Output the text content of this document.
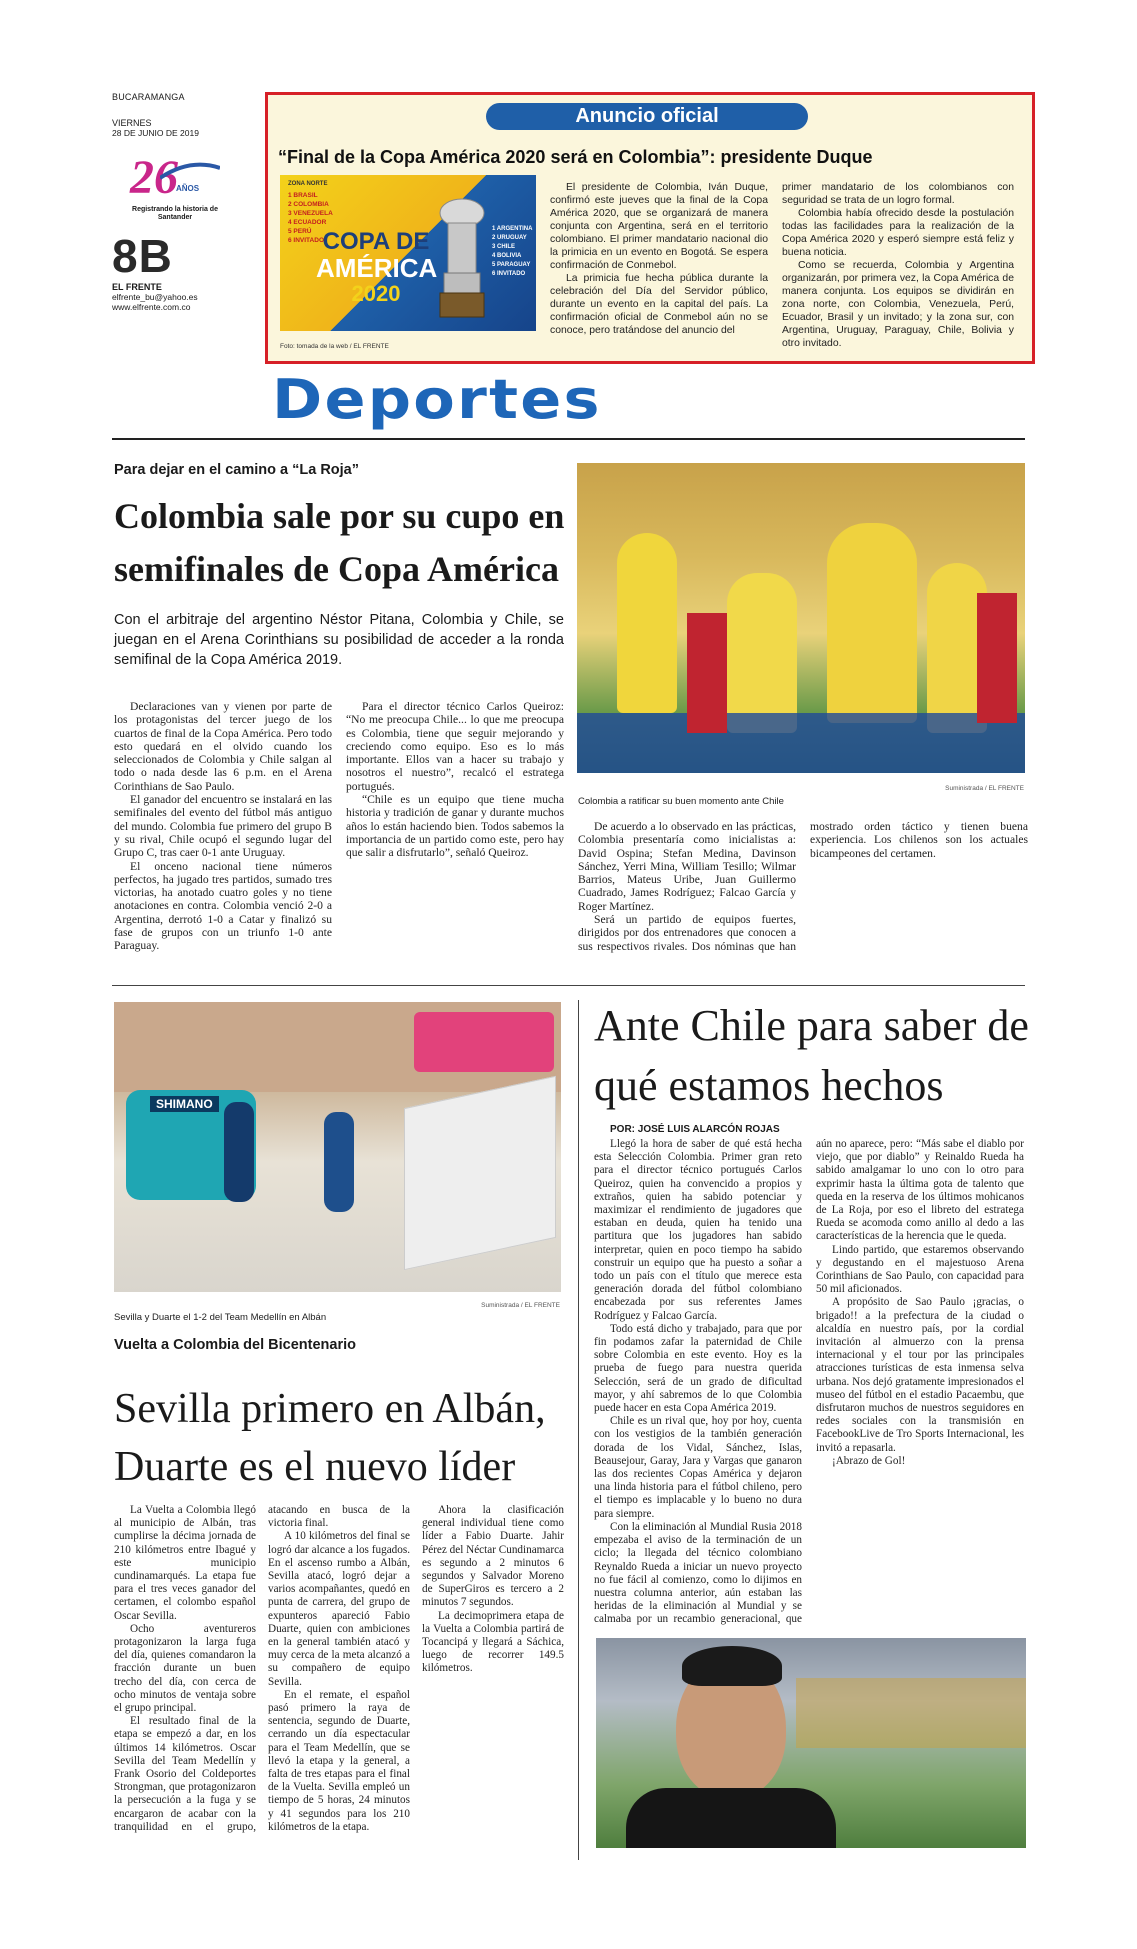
BUCARAMANGA
VIERNES
28 DE JUNIO DE 2019
26
AÑOS
Registrando la historia de Santander
8B
EL FRENTE
elfrente_bu@yahoo.es
www.elfrente.com.co
Anuncio oficial
“Final de la Copa América 2020 será en Colombia”: presidente Duque
ZONA NORTE
1 BRASIL
2 COLOMBIA
3 VENEZUELA
4 ECUADOR
5 PERÚ
6 INVITADO
COPA DE
AMÉRICA
2020
1 ARGENTINA
2 URUGUAY
3 CHILE
4 BOLIVIA
5 PARAGUAY
6 INVITADO
Foto: tomada de la web / EL FRENTE

El presidente de Colombia, Iván Duque, confirmó este jueves que la final de la Copa América 2020, que se organizará de manera conjunta con Argentina, será en el territorio colombiano. El primer mandatario nacional dio la primicia en un evento en Bogotá. Se espera confirmación de Conmebol.

La primicia fue hecha pública durante la celebración del Día del Servidor público, durante un evento en la capital del país. La confirmación oficial de Conmebol aún no se conoce, pero tratándose del anuncio del

primer mandatario de los colombianos con seguridad se trata de un logro formal.

Colombia había ofrecido desde la postulación todas las facilidades para la realización de la Copa América 2020 y esperó siempre está feliz y buena noticia.

Como se recuerda, Colombia y Argentina organizarán, por primera vez, la Copa América de manera conjunta. Los equipos se dividirán en zona norte, con Colombia, Venezuela, Perú, Ecuador, Brasil y un invitado; y la zona sur, con Argentina, Uruguay, Paraguay, Chile, Bolivia y otro invitado.

Deportes
Para dejar en el camino a “La Roja”
Colombia sale por su cupo en semifinales de Copa América
Con el arbitraje del argentino Néstor Pitana, Colombia y Chile, se juegan en el Arena Corinthians su posibilidad de acceder a la ronda semifinal de la Copa América 2019.
Colombia a ratificar su buen momento ante Chile
Suministrada / EL FRENTE

Declaraciones van y vienen por parte de los protagonistas del tercer juego de los cuartos de final de la Copa América. Pero todo esto quedará en el olvido cuando los seleccionados de Colombia y Chile salgan al todo o nada desde las 6 p.m. en el Arena Corinthians de Sao Paulo.

El ganador del encuentro se instalará en las semifinales del evento del fútbol más antiguo del mundo. Colombia fue primero del grupo B y su rival, Chile ocupó el segundo lugar del Grupo C, tras caer 0-1 ante Uruguay.

El onceno nacional tiene números perfectos, ha jugado tres partidos, sumado tres victorias, ha anotado cuatro goles y no tiene anotaciones en contra. Colombia venció 2-0 a Argentina, derrotó 1-0 a Catar y finalizó su fase de grupos con un triunfo 1-0 ante Paraguay.

Para el director técnico Carlos Queiroz: “No me preocupa Chile... lo que me preocupa es Colombia, tiene que seguir mejorando y creciendo como equipo. Eso es lo más importante. Ellos van a hacer su trabajo y nosotros el nuestro”, recalcó el estratega portugués.

“Chile es un equipo que tiene mucha historia y tradición de ganar y durante muchos años lo están haciendo bien. Todos sabemos la importancia de un partido como este, pero hay que salir a disfrutarlo”, señaló Queiroz.

De acuerdo a lo observado en las prácticas, Colombia presentaría como inicialistas a: David Ospina; Stefan Medina, Davinson Sánchez, Yerri Mina, William Tesillo; Wilmar Barrios, Mateus Uribe, Juan Guillermo Cuadrado, James Rodríguez; Falcao García y Roger Martínez.

Será un partido de equipos fuertes, dirigidos por dos entrenadores que conocen a sus respectivos rivales. Dos nóminas que han mostrado orden táctico y tienen buena experiencia. Los chilenos son los actuales bicampeones del certamen.

SHIMANO
Suministrada / EL FRENTE
Sevilla y Duarte el 1-2 del Team Medellín en Albán
Vuelta a Colombia del Bicentenario
Sevilla primero en Albán, Duarte es el nuevo líder

La Vuelta a Colombia llegó al municipio de Albán, tras cumplirse la décima jornada de 210 kilómetros entre Ibagué y este municipio cundinamarqués. La etapa fue para el tres veces ganador del certamen, el colombo español Oscar Sevilla.

Ocho aventureros protagonizaron la larga fuga del día, quienes comandaron la fracción durante un buen trecho del día, con cerca de ocho minutos de ventaja sobre el grupo principal.

El resultado final de la etapa se empezó a dar, en los últimos 14 kilómetros. Oscar Sevilla del Team Medellín y Frank Osorio del Coldeportes Strongman, que protagonizaron la persecución a la fuga y se encargaron de acabar con la tranquilidad en el grupo, atacando en busca de la victoria final.

A 10 kilómetros del final se logró dar alcance a los fugados. En el ascenso rumbo a Albán, Sevilla atacó, logró dejar a varios acompañantes, quedó en punta de carrera, del grupo de expunteros apareció Fabio Duarte, quien con ambiciones en la general también atacó y muy cerca de la meta alcanzó a su compañero de equipo Sevilla.

En el remate, el español pasó primero la raya de sentencia, segundo de Duarte, cerrando un día espectacular para el Team Medellín, que se llevó la etapa y la general, a falta de tres etapas para el final de la Vuelta. Sevilla empleó un tiempo de 5 horas, 24 minutos y 41 segundos para los 210 kilómetros de la etapa.

Ahora la clasificación general individual tiene como líder a Fabio Duarte. Jahir Pérez del Néctar Cundinamarca es segundo a 2 minutos 6 segundos y Salvador Moreno de SuperGiros es tercero a 2 minutos 7 segundos.

La decimoprimera etapa de la Vuelta a Colombia partirá de Tocancipá y llegará a Sáchica, luego de recorrer 149.5 kilómetros.

Ante Chile para saber de qué estamos hechos
POR: JOSÉ LUIS ALARCÓN ROJAS

Llegó la hora de saber de qué está hecha esta Selección Colombia. Primer gran reto para el director técnico portugués Carlos Queiroz, quien ha convencido a propios y extraños, quien ha sabido potenciar y maximizar el rendimiento de jugadores que estaban en deuda, quien ha tenido una partitura que los jugadores han sabido interpretar, quien en poco tiempo ha sabido construir un equipo que ha puesto a soñar a todo un país con el título que merece esta generación dorada del fútbol colombiano encabezada por sus referentes James Rodríguez y Falcao García.

Todo está dicho y trabajado, para que por fin podamos zafar la paternidad de Chile sobre Colombia en este evento. Hoy es la prueba de fuego para nuestra querida Selección, será de un grado de dificultad mayor, y ahí sabremos de lo que Colombia puede hacer en esta Copa América 2019.

Chile es un rival que, hoy por hoy, cuenta con los vestigios de la también generación dorada de los Vidal, Sánchez, Islas, Beausejour, Garay, Jara y Vargas que ganaron las dos recientes Copas América y dejaron una linda historia para el fútbol chileno, pero el tiempo es implacable y lo bueno no dura para siempre.

Con la eliminación al Mundial Rusia 2018 empezaba el aviso de la terminación de un ciclo; la llegada del técnico colombiano Reynaldo Rueda a iniciar un nuevo proyecto no fue fácil al comienzo, como lo dijimos en nuestra columna anterior, aún estaban las heridas de la eliminación al Mundial y se calmaba por un recambio generacional, que aún no aparece, pero: “Más sabe el diablo por viejo, que por diablo” y Reinaldo Rueda ha sabido amalgamar lo uno con lo otro para exprimir hasta la última gota de talento que queda en la reserva de los últimos mohicanos de La Roja, por eso el libreto del estratega Rueda se acomoda como anillo al dedo a las características de la herencia que le queda.

Lindo partido, que estaremos observando y degustando en el majestuoso Arena Corinthians de Sao Paulo, con capacidad para 50 mil aficionados.

A propósito de Sao Paulo ¡gracias, o brigado!! a la prefectura de la ciudad o alcaldía en nuestro país, por la cordial invitación al almuerzo con la prensa internacional y el tour por las principales atracciones turísticas de esta inmensa selva urbana. Nos dejó gratamente impresionados el museo del fútbol en el estadio Pacaembu, que disfrutaron muchos de nuestros seguidores en redes sociales con la transmisión en FacebookLive de Tro Sports Internacional, les invitó a repasarla.

¡Abrazo de Gol!
